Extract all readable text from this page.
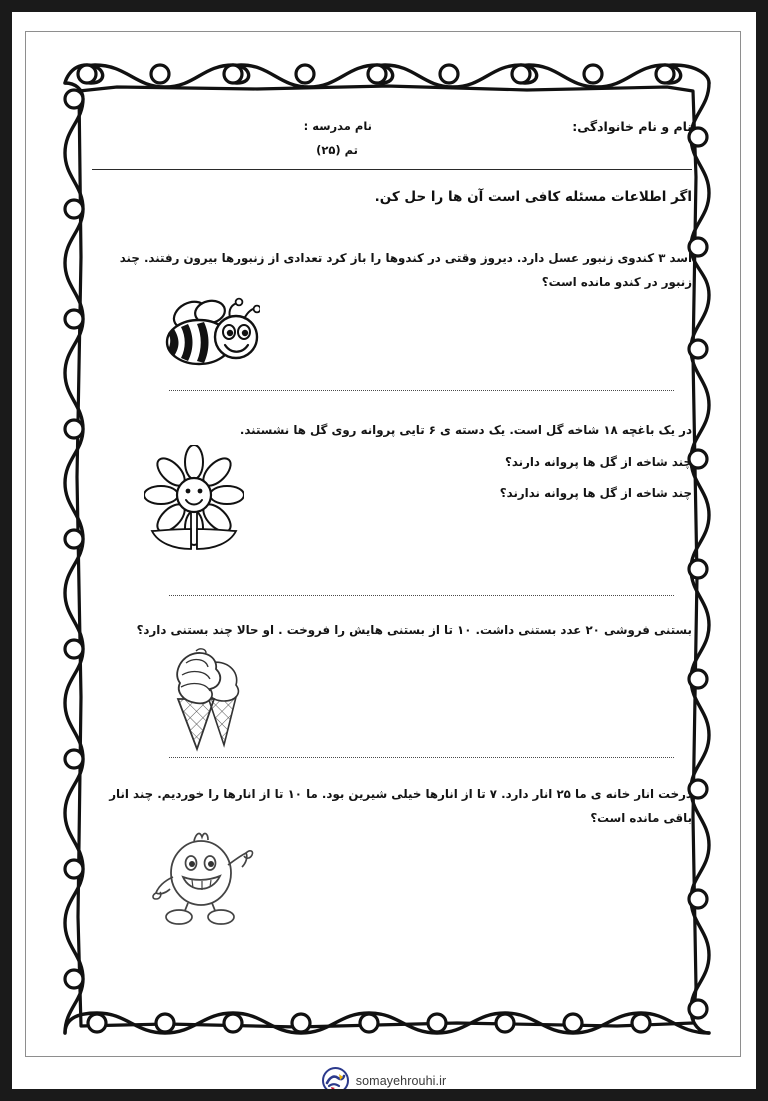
نام و نام خانوادگی:
نام مدرسه :
تم (۲۵)
اگر اطلاعات مسئله کافی است آن ها را حل کن.
اسد ۳ کندوی زنبور عسل دارد. دیروز وقتی در کندوها را باز کرد تعدادی از زنبورها بیرون رفتند. چند زنبور در کندو مانده است؟
در یک باغچه ۱۸ شاخه گل است. یک دسته ی ۶ تایی پروانه روی گل ها نشستند.
چند شاخه از گل ها پروانه دارند؟
چند شاخه از گل ها پروانه ندارند؟
بستنی فروشی ۲۰ عدد بستنی داشت. ۱۰ تا از بستنی هایش را فروخت . او حالا چند بستنی دارد؟
درخت انار خانه ی ما ۲۵ انار دارد. ۷ تا از انارها خیلی شیرین بود. ما ۱۰ تا از انارها را خوردیم. چند انار باقی مانده است؟
somayehrouhi.ir
